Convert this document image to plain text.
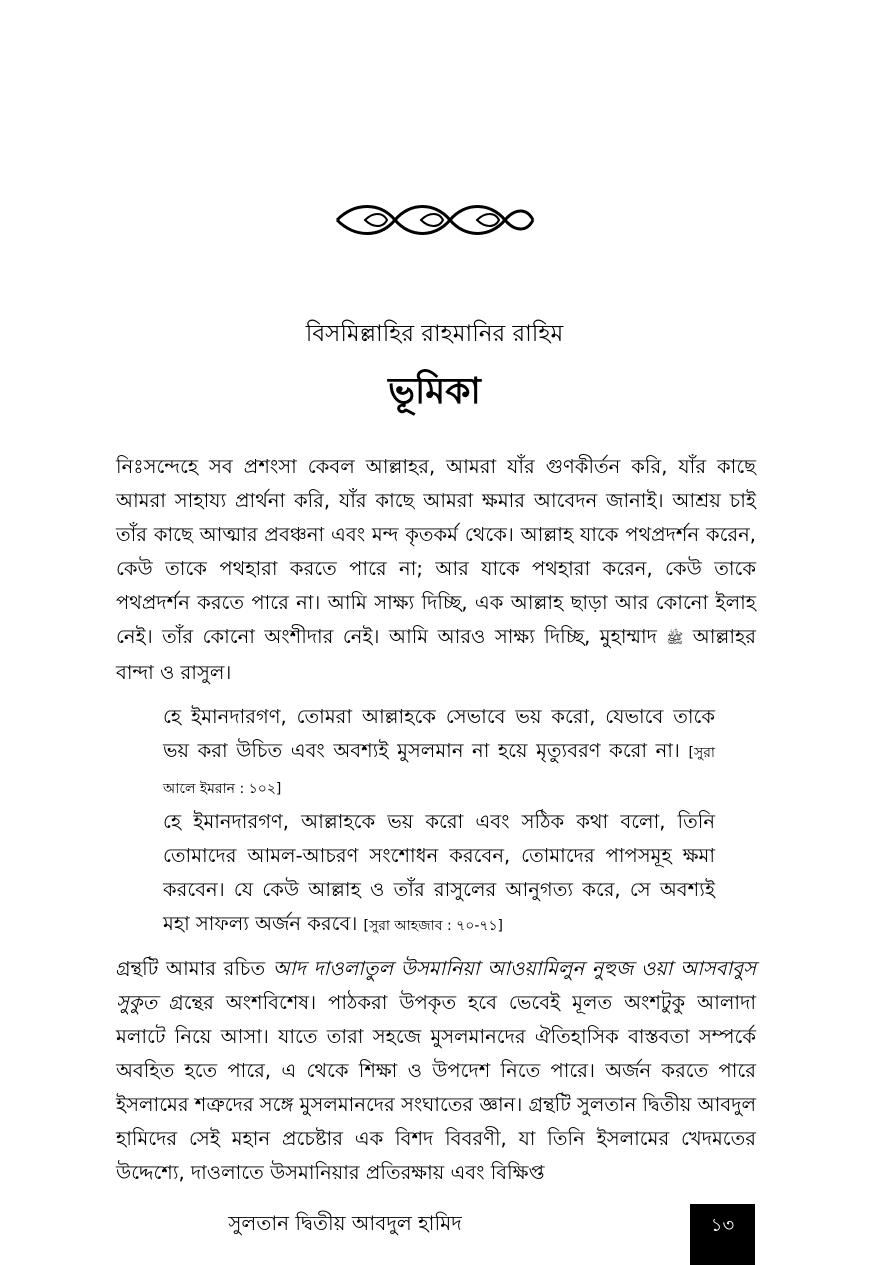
বিসমিল্লাহির রাহমানির রাহিম
ভূমিকা
নিঃসন্দেহে সব প্রশংসা কেবল আল্লাহর, আমরা যাঁর গুণকীর্তন করি, যাঁর কাছে আমরা সাহায্য প্রার্থনা করি, যাঁর কাছে আমরা ক্ষমার আবেদন জানাই। আশ্রয় চাই তাঁর কাছে আত্মার প্রবঞ্চনা এবং মন্দ কৃতকর্ম থেকে। আল্লাহ যাকে পথপ্রদর্শন করেন, কেউ তাকে পথহারা করতে পারে না; আর যাকে পথহারা করেন, কেউ তাকে পথপ্রদর্শন করতে পারে না। আমি সাক্ষ্য দিচ্ছি, এক আল্লাহ ছাড়া আর কোনো ইলাহ নেই। তাঁর কোনো অংশীদার নেই। আমি আরও সাক্ষ্য দিচ্ছি, মুহাম্মাদ ﷺ আল্লাহর বান্দা ও রাসুল।
হে ইমানদারগণ, তোমরা আল্লাহকে সেভাবে ভয় করো, যেভাবে তাকে ভয় করা উচিত এবং অবশ্যই মুসলমান না হয়ে মৃত্যুবরণ করো না। [সুরা আলে ইমরান : ১০২]
হে ইমানদারগণ, আল্লাহকে ভয় করো এবং সঠিক কথা বলো, তিনি তোমাদের আমল-আচরণ সংশোধন করবেন, তোমাদের পাপসমূহ ক্ষমা করবেন। যে কেউ আল্লাহ ও তাঁর রাসুলের আনুগত্য করে, সে অবশ্যই মহা সাফল্য অর্জন করবে। [সুরা আহজাব : ৭০-৭১]
গ্রন্থটি আমার রচিত আদ দাওলাতুল উসমানিয়া আওয়ামিলুন নুহুজ ওয়া আসবাবুস সুকুত গ্রন্থের অংশবিশেষ। পাঠকরা উপকৃত হবে ভেবেই মূলত অংশটুকু আলাদা মলাটে নিয়ে আসা। যাতে তারা সহজে মুসলমানদের ঐতিহাসিক বাস্তবতা সম্পর্কে অবহিত হতে পারে, এ থেকে শিক্ষা ও উপদেশ নিতে পারে। অর্জন করতে পারে ইসলামের শত্রুদের সঙ্গে মুসলমানদের সংঘাতের জ্ঞান। গ্রন্থটি সুলতান দ্বিতীয় আবদুল হামিদের সেই মহান প্রচেষ্টার এক বিশদ বিবরণী, যা তিনি ইসলামের খেদমতের উদ্দেশ্যে, দাওলাতে উসমানিয়ার প্রতিরক্ষায় এবং বিক্ষিপ্ত
সুলতান দ্বিতীয় আবদুল হামিদ	১৩
